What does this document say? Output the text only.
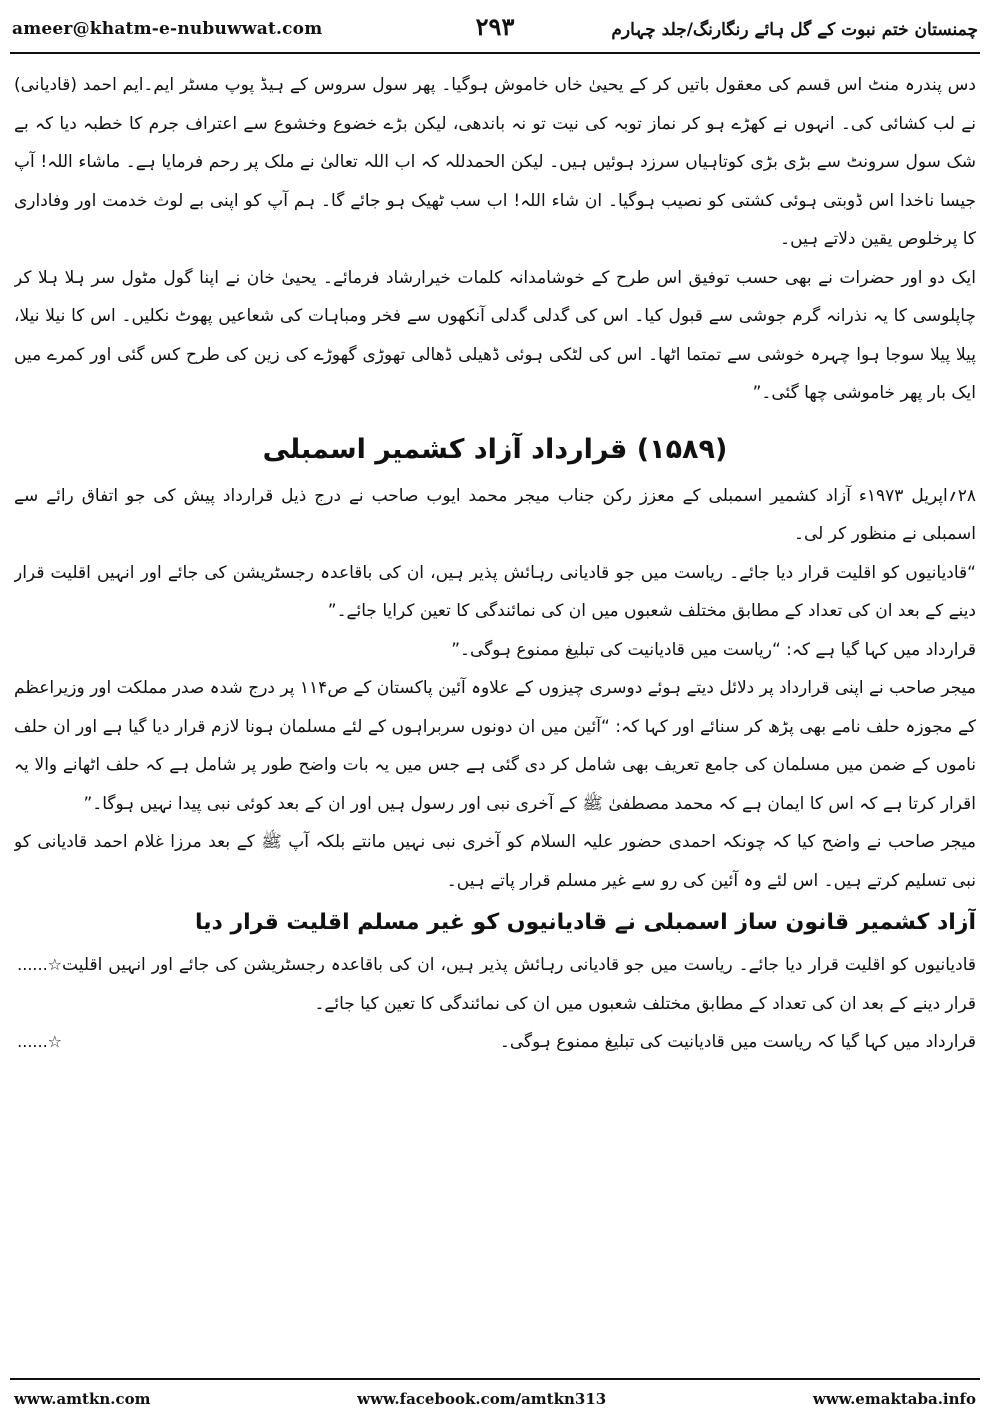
ameer@khatm-e-nubuwwat.com	۲۹۳	چمنستان ختم نبوت کے گل ہائے رنگارنگ/جلد چہارم

دس پندرہ منٹ اس قسم کی معقول باتیں کر کے یحییٰ خاں خاموش ہوگیا۔ پھر سول سروس کے ہیڈ پوپ مسٹر ایم۔ایم احمد (قادیانی) نے لب کشائی کی۔ انہوں نے کھڑے ہو کر نماز توبہ کی نیت تو نہ باندھی، لیکن بڑے خضوع وخشوع سے اعتراف جرم کا خطبہ دیا کہ بے شک سول سرونٹ سے بڑی بڑی کوتاہیاں سرزد ہوئیں ہیں۔ لیکن الحمدللہ کہ اب اللہ تعالیٰ نے ملک پر رحم فرمایا ہے۔ ماشاء اللہ! آپ جیسا ناخدا اس ڈوبتی ہوئی کشتی کو نصیب ہوگیا۔ ان شاء اللہ! اب سب ٹھیک ہو جائے گا۔ ہم آپ کو اپنی بے لوث خدمت اور وفاداری کا پرخلوص یقین دلاتے ہیں۔

ایک دو اور حضرات نے بھی حسب توفیق اس طرح کے خوشامدانہ کلمات خیرارشاد فرمائے۔ یحییٰ خان نے اپنا گول مٹول سر ہلا ہلا کر چاپلوسی کا یہ نذرانہ گرم جوشی سے قبول کیا۔ اس کی گدلی گدلی آنکھوں سے فخر ومباہات کی شعاعیں پھوٹ نکلیں۔ اس کا نیلا نیلا، پیلا پیلا سوجا ہوا چہرہ خوشی سے تمتما اٹھا۔ اس کی لٹکی ہوئی ڈھیلی ڈھالی تھوڑی گھوڑے کی زین کی طرح کس گئی اور کمرے میں ایک بار پھر خاموشی چھا گئی۔”

(۱۵۸۹) قرارداد آزاد کشمیر اسمبلی

۲۸؍اپریل ۱۹۷۳ء آزاد کشمیر اسمبلی کے معزز رکن جناب میجر محمد ایوب صاحب نے درج ذیل قرارداد پیش کی جو اتفاق رائے سے اسمبلی نے منظور کر لی۔

“قادیانیوں کو اقلیت قرار دیا جائے۔ ریاست میں جو قادیانی رہائش پذیر ہیں، ان کی باقاعدہ رجسٹریشن کی جائے اور انہیں اقلیت قرار دینے کے بعد ان کی تعداد کے مطابق مختلف شعبوں میں ان کی نمائندگی کا تعین کرایا جائے۔”

قرارداد میں کہا گیا ہے کہ: “ریاست میں قادیانیت کی تبلیغ ممنوع ہوگی۔”

میجر صاحب نے اپنی قرارداد پر دلائل دیتے ہوئے دوسری چیزوں کے علاوہ آئین پاکستان کے ص۱۱۴ پر درج شدہ صدر مملکت اور وزیراعظم کے مجوزہ حلف نامے بھی پڑھ کر سنائے اور کہا کہ: “آئین میں ان دونوں سربراہوں کے لئے مسلمان ہونا لازم قرار دیا گیا ہے اور ان حلف ناموں کے ضمن میں مسلمان کی جامع تعریف بھی شامل کر دی گئی ہے جس میں یہ بات واضح طور پر شامل ہے کہ حلف اٹھانے والا یہ اقرار کرتا ہے کہ اس کا ایمان ہے کہ محمد مصطفیٰ ﷺ کے آخری نبی اور رسول ہیں اور ان کے بعد کوئی نبی پیدا نہیں ہوگا۔”

میجر صاحب نے واضح کیا کہ چونکہ احمدی حضور علیہ السلام کو آخری نبی نہیں مانتے بلکہ آپ ﷺ کے بعد مرزا غلام احمد قادیانی کو نبی تسلیم کرتے ہیں۔ اس لئے وہ آئین کی رو سے غیر مسلم قرار پاتے ہیں۔

آزاد کشمیر قانون ساز اسمبلی نے قادیانیوں کو غیر مسلم اقلیت قرار دیا

قادیانیوں کو اقلیت قرار دیا جائے۔ ریاست میں جو قادیانی رہائش پذیر ہیں، ان کی باقاعدہ رجسٹریشن کی جائے اور انہیں اقلیت قرار دینے کے بعد ان کی تعداد کے مطابق مختلف شعبوں میں ان کی نمائندگی کا تعین کیا جائے۔

☆......

قرارداد میں کہا گیا کہ ریاست میں قادیانیت کی تبلیغ ممنوع ہوگی۔

☆......
www.amtkn.com	www.facebook.com/amtkn313	www.emaktaba.info
